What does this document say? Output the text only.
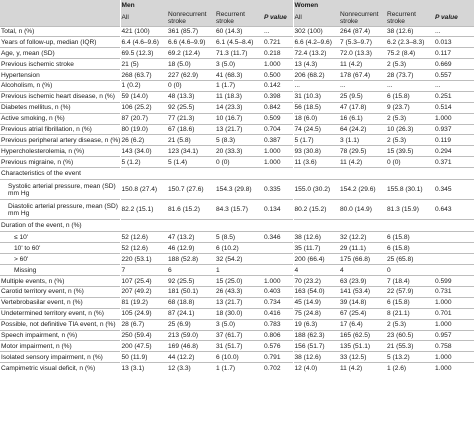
	Men				Women			
	All	Nonrecurrent stroke	Recurrent stroke	P value	All	Nonrecurrent stroke	Recurrent stroke	P value
Total, n (%)	421 (100)	361 (85.7)	60 (14.3)	...	302 (100)	264 (87.4)	38 (12.6)	...
Years of follow-up, median (IQR)	6.4 (4.6–9.6)	6.6 (4.6–9.9)	6.1 (4.5–8.4)	0.721	6.6 (4.2–9.6)	7 (5.3–9.7)	6.2 (2.3–8.3)	0.013
Age, y, mean (SD)	69.5 (12.3)	69.2 (12.4)	71.3 (11.7)	0.218	72.4 (13.2)	72.0 (13.3)	75.2 (8.4)	0.117
Previous ischemic stroke	21 (5)	18 (5.0)	3 (5.0)	1.000	13 (4.3)	11 (4.2)	2 (5.3)	0.669
Hypertension	268 (63.7)	227 (62.9)	41 (68.3)	0.500	206 (68.2)	178 (67.4)	28 (73.7)	0.557
Alcoholism, n (%)	1 (0.2)	0 (0)	1 (1.7)	0.142	...	...	...	...
Previous ischemic heart disease, n (%)	59 (14.0)	48 (13.3)	11 (18.3)	0.398	31 (10.3)	25 (9.5)	6 (15.8)	0.251
Diabetes mellitus, n (%)	106 (25.2)	92 (25.5)	14 (23.3)	0.842	56 (18.5)	47 (17.8)	9 (23.7)	0.514
Active smoking, n (%)	87 (20.7)	77 (21.3)	10 (16.7)	0.509	18 (6.0)	16 (6.1)	2 (5.3)	1.000
Previous atrial fibrillation, n (%)	80 (19.0)	67 (18.6)	13 (21.7)	0.704	74 (24.5)	64 (24.2)	10 (26.3)	0.937
Previous peripheral artery disease, n (%)	26 (6.2)	21 (5.8)	5 (8.3)	0.387	5 (1.7)	3 (1.1)	2 (5.3)	0.119
Hypercholesterolemia, n (%)	143 (34.0)	123 (34.1)	20 (33.3)	1.000	93 (30.8)	78 (29.5)	15 (39.5)	0.294
Previous migraine, n (%)	5 (1.2)	5 (1.4)	0 (0)	1.000	11 (3.6)	11 (4.2)	0 (0)	0.371
Characteristics of the event								
Systolic arterial pressure, mean (SD) mm Hg	150.8 (27.4)	150.7 (27.6)	154.3 (29.8)	0.335	155.0 (30.2)	154.2 (29.6)	155.8 (30.1)	0.345
Diastolic arterial pressure, mean (SD) mm Hg	82.2 (15.1)	81.6 (15.2)	84.3 (15.7)	0.134	80.2 (15.2)	80.0 (14.9)	81.3 (15.9)	0.643
Duration of the event, n (%)								
≤ 10'	52 (12.6)	47 (13.2)	5 (8.5)	0.346	38 (12.6)	32 (12.2)	6 (15.8)	
10' to 60'	52 (12.6)	46 (12.9)	6 (10.2)		35 (11.7)	29 (11.1)	6 (15.8)	
> 60'	220 (53.1)	188 (52.8)	32 (54.2)		200 (66.4)	175 (66.8)	25 (65.8)	
Missing	7	6	1		4	4	0	
Multiple events, n (%)	107 (25.4)	92 (25.5)	15 (25.0)	1.000	70 (23.2)	63 (23.9)	7 (18.4)	0.599
Carotid territory event, n (%)	207 (49.2)	181 (50.1)	26 (43.3)	0.403	163 (54.0)	141 (53.4)	22 (57.9)	0.731
Vertebrobasilar event, n (%)	81 (19.2)	68 (18.8)	13 (21.7)	0.734	45 (14.9)	39 (14.8)	6 (15.8)	1.000
Undetermined territory event, n (%)	105 (24.9)	87 (24.1)	18 (30.0)	0.416	75 (24.8)	67 (25.4)	8 (21.1)	0.701
Possible, not definitive TIA event, n (%)	28 (6.7)	25 (6.9)	3 (5.0)	0.783	19 (6.3)	17 (6.4)	2 (5.3)	1.000
Speech impairment, n (%)	250 (59.4)	213 (59.0)	37 (61.7)	0.806	188 (62.3)	165 (62.5)	23 (60.5)	0.957
Motor impairment, n (%)	200 (47.5)	169 (46.8)	31 (51.7)	0.576	156 (51.7)	135 (51.1)	21 (55.3)	0.758
Isolated sensory impairment, n (%)	50 (11.9)	44 (12.2)	6 (10.0)	0.791	38 (12.6)	33 (12.5)	5 (13.2)	1.000
Campimetric visual deficit, n (%)	13 (3.1)	12 (3.3)	1 (1.7)	0.702	12 (4.0)	11 (4.2)	1 (2.6)	1.000
